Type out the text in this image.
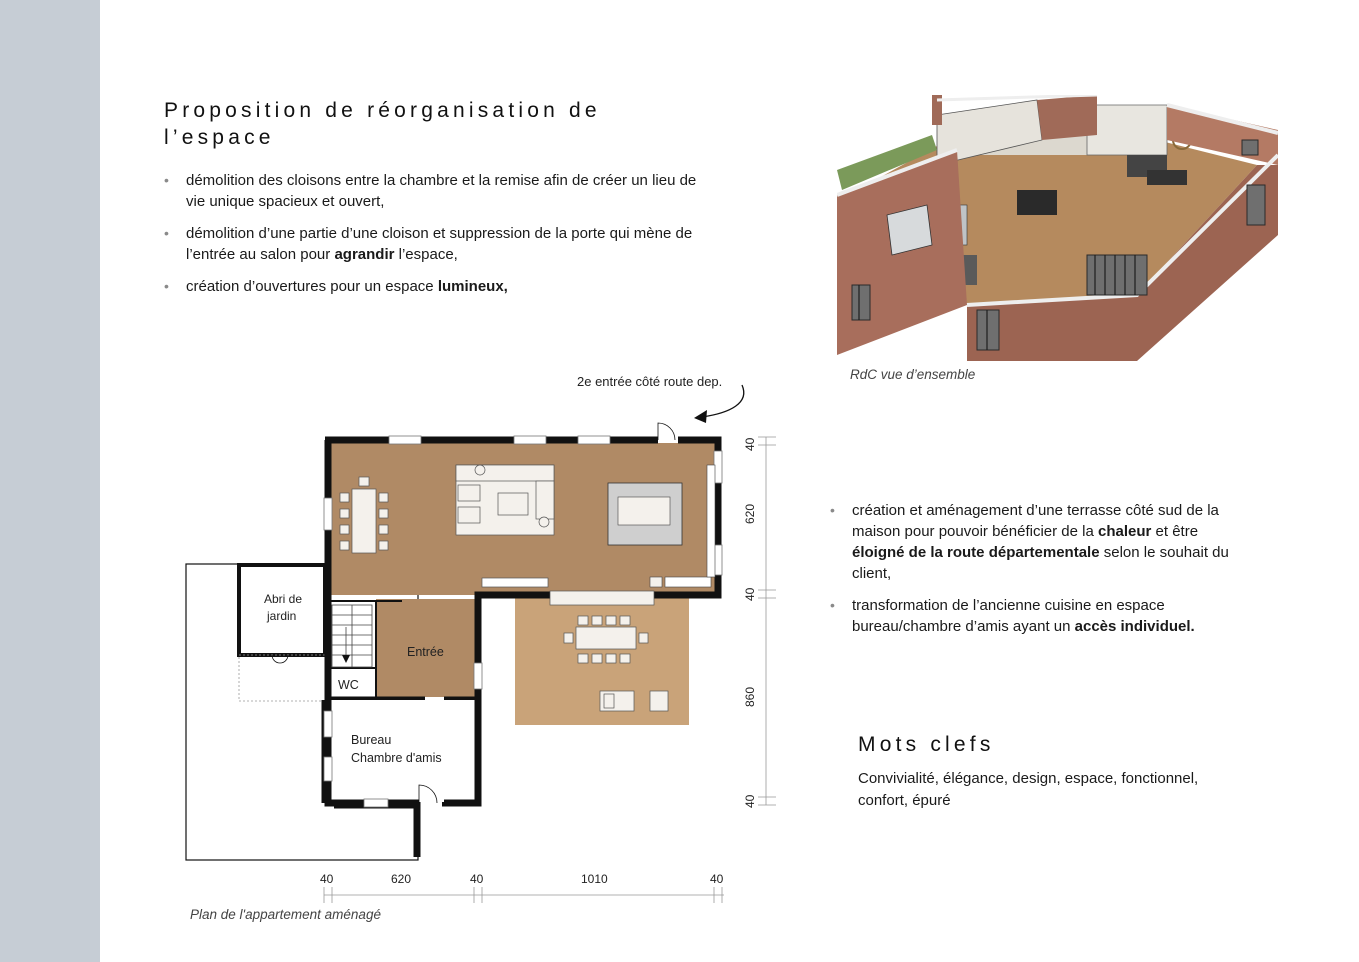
Proposition de réorganisation de l’espace
• démolition des cloisons entre la chambre et la remise afin de créer un lieu de vie unique spacieux et ouvert,
• démolition d’une partie d’une cloison et suppression de la porte qui mène de l’entrée au salon pour agrandir l’espace,
• création d’ouvertures pour un espace lumineux,
2e entrée côté route dep.
Abri de
jardin
Entrée
WC
Bureau
Chambre d'amis
40
620
40
860
40
40	620	40	1010	40
RdC vue d’ensemble
Plan de l'appartement aménagé
• création et aménagement d’une terrasse côté sud de la maison pour pouvoir bénéficier de la chaleur et être éloigné de la route départementale selon le souhait du client,
• transformation de l’ancienne cuisine en espace bureau/chambre d’amis ayant un accès individuel.
Mots clefs
Convivialité, élégance, design, espace, fonctionnel, confort, épuré
